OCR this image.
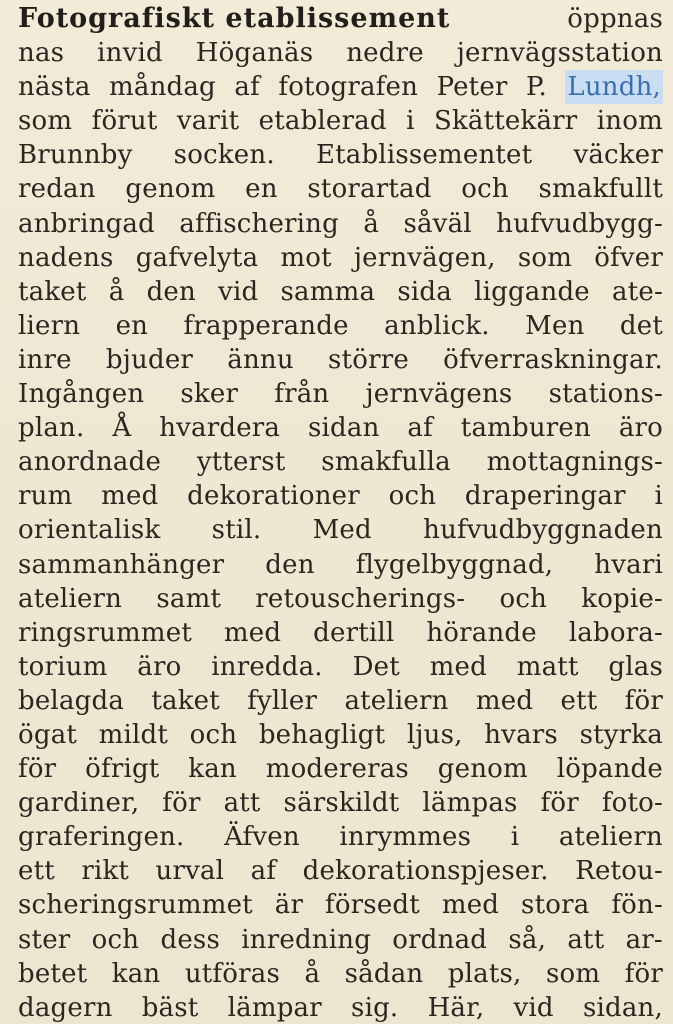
Fotografiskt etablissement	öppnas
nas invid Höganäs nedre jernvägsstation
nästa måndag af fotografen Peter P. Lundh,
som förut varit etablerad i Skättekärr inom
Brunnby socken. Etablissementet väcker
redan genom en storartad och smakfullt
anbringad affischering å såväl hufvudbygg-
nadens gafvelyta mot jernvägen, som öfver
taket å den vid samma sida liggande ate-
liern en frapperande anblick. Men det
inre bjuder ännu större öfverraskningar.
Ingången sker från jernvägens stations-
plan. Å hvardera sidan af tamburen äro
anordnade ytterst smakfulla mottagnings-
rum med dekorationer och draperingar i
orientalisk stil. Med hufvudbyggnaden
sammanhänger den flygelbyggnad, hvari
ateliern samt retouscherings- och kopie-
ringsrummet med dertill hörande labora-
torium äro inredda. Det med matt glas
belagda taket fyller ateliern med ett för
ögat mildt och behagligt ljus, hvars styrka
för öfrigt kan modereras genom löpande
gardiner, för att särskildt lämpas för foto-
graferingen. Äfven inrymmes i ateliern
ett rikt urval af dekorationspjeser. Retou-
scheringsrummet är försedt med stora fön-
ster och dess inredning ordnad så, att ar-
betet kan utföras å sådan plats, som för
dagern bäst lämpar sig. Här, vid sidan,
